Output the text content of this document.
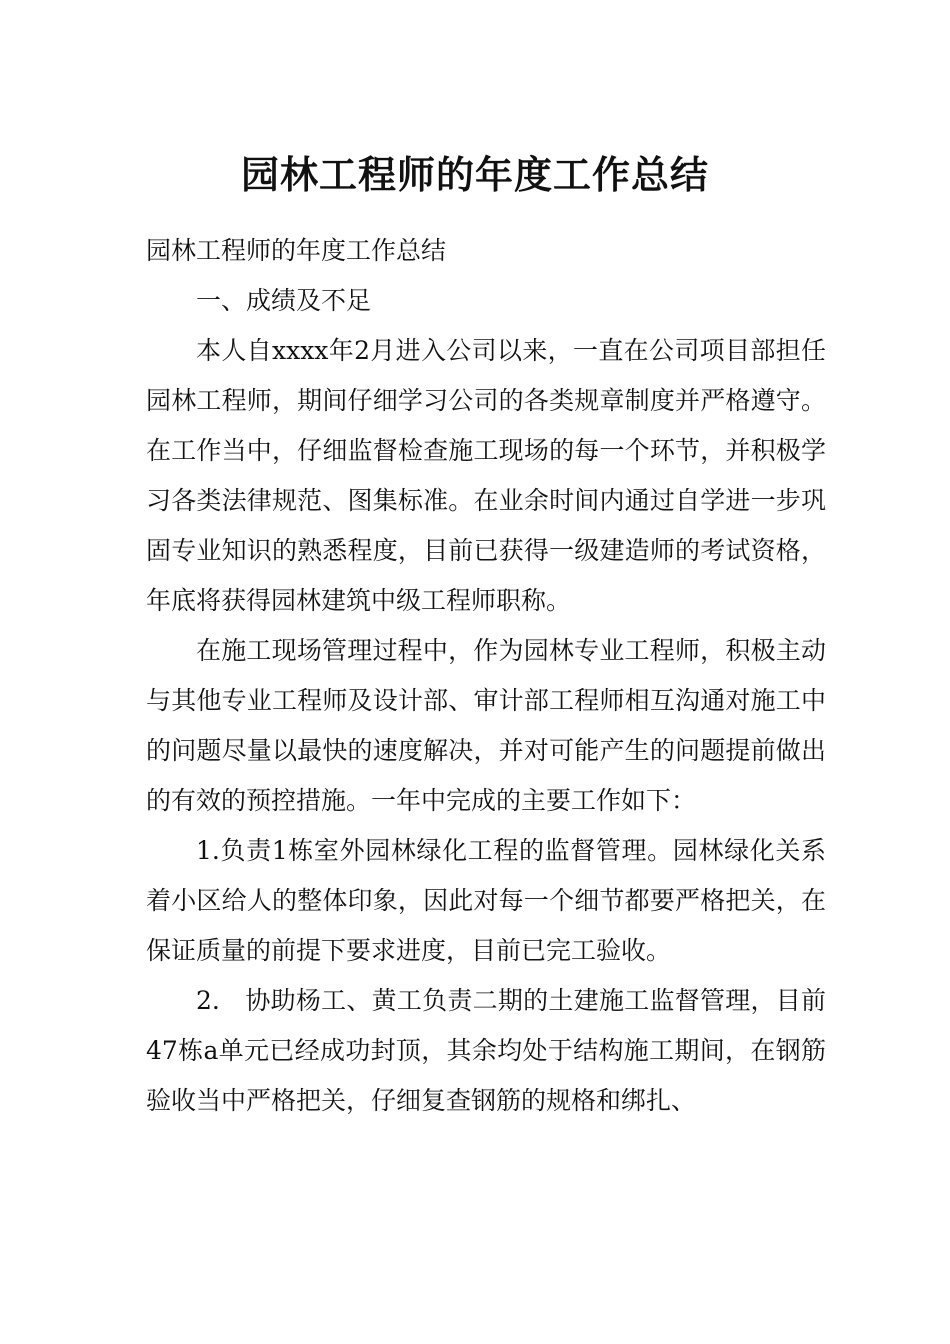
园林工程师的年度工作总结

园林工程师的年度工作总结

一、成绩及不足

本人自xxxx年2月进入公司以来，一直在公司项目部担任园林工程师，期间仔细学习公司的各类规章制度并严格遵守。在工作当中，仔细监督检查施工现场的每一个环节，并积极学习各类法律规范、图集标准。在业余时间内通过自学进一步巩固专业知识的熟悉程度，目前已获得一级建造师的考试资格，年底将获得园林建筑中级工程师职称。

在施工现场管理过程中，作为园林专业工程师，积极主动与其他专业工程师及设计部、审计部工程师相互沟通对施工中的问题尽量以最快的速度解决，并对可能产生的问题提前做出的有效的预控措施。一年中完成的主要工作如下：

1.负责1栋室外园林绿化工程的监督管理。园林绿化关系着小区给人的整体印象，因此对每一个细节都要严格把关，在保证质量的前提下要求进度，目前已完工验收。

2.　协助杨工、黄工负责二期的土建施工监督管理，目前47栋a单元已经成功封顶，其余均处于结构施工期间，在钢筋验收当中严格把关，仔细复查钢筋的规格和绑扎、
